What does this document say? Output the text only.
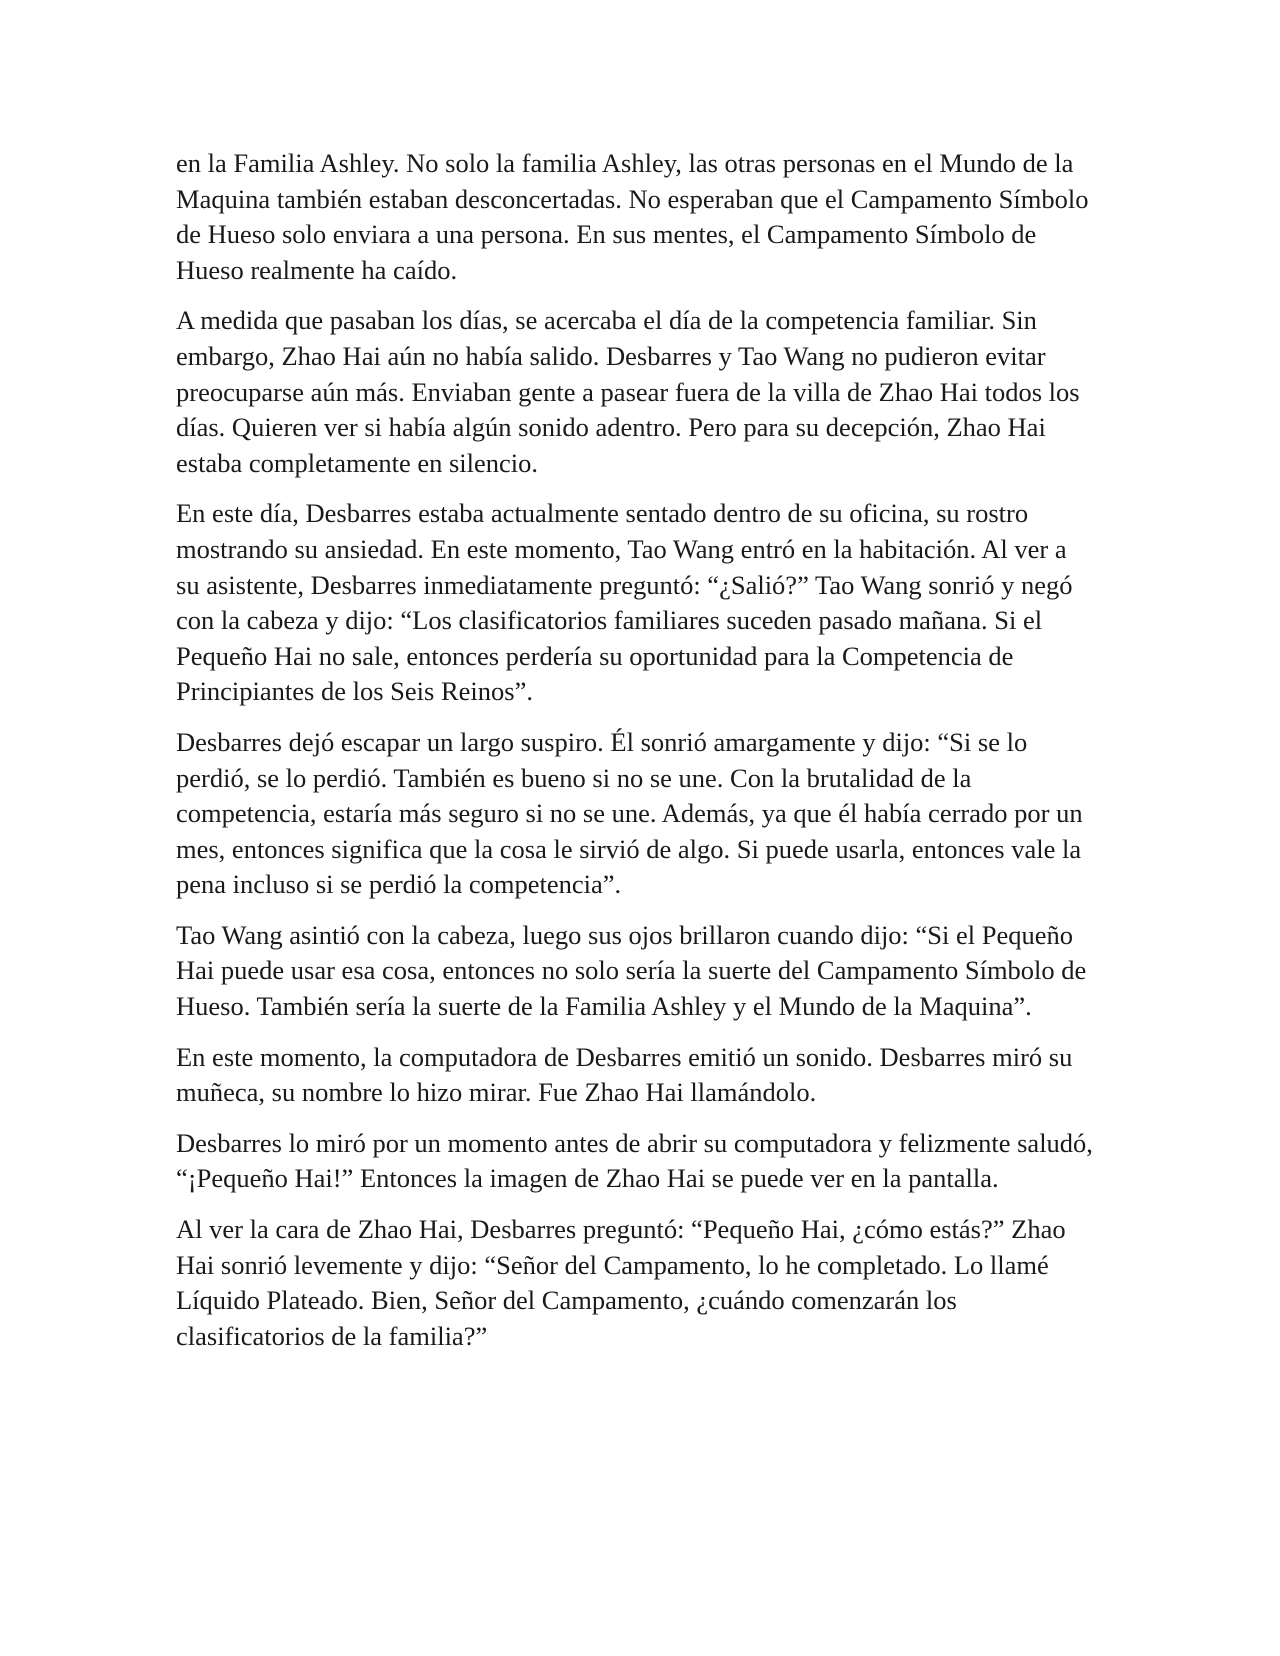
en la Familia Ashley. No solo la familia Ashley, las otras personas en el Mundo de la Maquina también estaban desconcertadas. No esperaban que el Campamento Símbolo de Hueso solo enviara a una persona. En sus mentes, el Campamento Símbolo de Hueso realmente ha caído.

A medida que pasaban los días, se acercaba el día de la competencia familiar. Sin embargo, Zhao Hai aún no había salido. Desbarres y Tao Wang no pudieron evitar preocuparse aún más. Enviaban gente a pasear fuera de la villa de Zhao Hai todos los días. Quieren ver si había algún sonido adentro. Pero para su decepción, Zhao Hai estaba completamente en silencio.

En este día, Desbarres estaba actualmente sentado dentro de su oficina, su rostro mostrando su ansiedad. En este momento, Tao Wang entró en la habitación. Al ver a su asistente, Desbarres inmediatamente preguntó: “¿Salió?” Tao Wang sonrió y negó con la cabeza y dijo: “Los clasificatorios familiares suceden pasado mañana. Si el Pequeño Hai no sale, entonces perdería su oportunidad para la Competencia de Principiantes de los Seis Reinos”.

Desbarres dejó escapar un largo suspiro. Él sonrió amargamente y dijo: “Si se lo perdió, se lo perdió. También es bueno si no se une. Con la brutalidad de la competencia, estaría más seguro si no se une. Además, ya que él había cerrado por un mes, entonces significa que la cosa le sirvió de algo. Si puede usarla, entonces vale la pena incluso si se perdió la competencia”.

Tao Wang asintió con la cabeza, luego sus ojos brillaron cuando dijo: “Si el Pequeño Hai puede usar esa cosa, entonces no solo sería la suerte del Campamento Símbolo de Hueso. También sería la suerte de la Familia Ashley y el Mundo de la Maquina”.

En este momento, la computadora de Desbarres emitió un sonido. Desbarres miró su muñeca, su nombre lo hizo mirar. Fue Zhao Hai llamándolo.

Desbarres lo miró por un momento antes de abrir su computadora y felizmente saludó, “¡Pequeño Hai!” Entonces la imagen de Zhao Hai se puede ver en la pantalla.

Al ver la cara de Zhao Hai, Desbarres preguntó: “Pequeño Hai, ¿cómo estás?” Zhao Hai sonrió levemente y dijo: “Señor del Campamento, lo he completado. Lo llamé Líquido Plateado. Bien, Señor del Campamento, ¿cuándo comenzarán los clasificatorios de la familia?”
